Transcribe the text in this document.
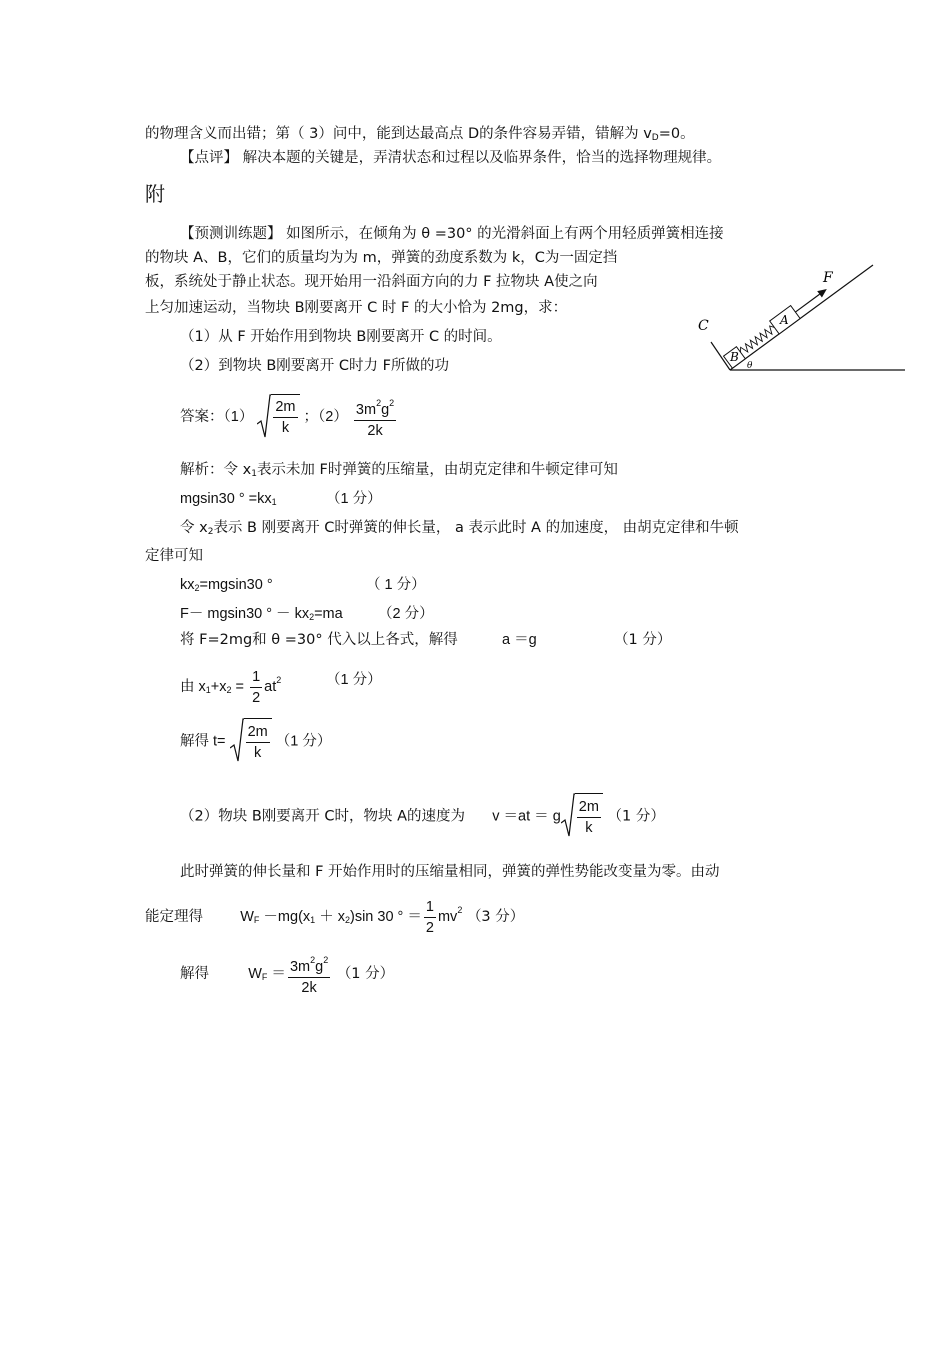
的物理含义而出错；第（ 3）问中，能到达最高点 D的条件容易弄错，错解为 $v_D=0$。
【点评】 解决本题的关键是，弄清状态和过程以及临界条件，恰当的选择物理规律。
附
【预测训练题】 如图所示，在倾角为 θ =30° 的光滑斜面上有两个用轻质弹簧相连接
的物块 A、B，它们的质量均为为 m，弹簧的劲度系数为 k，C为一固定挡
板，系统处于静止状态。现开始用一沿斜面方向的力 F 拉物块 A使之向
上匀加速运动，当物块 B刚要离开 C 时 F 的大小恰为 2mg，求：
（1）从 F 开始作用到物块 B刚要离开 C 的时间。
（2）到物块 B刚要离开 C时力 F所做的功
C
B
A
F
θ
答案：$(1) \frac{2m}{k}$ ；$(2) \frac{3m^2g^2}{2k}$
解析：令 $x_1$表示未加 F时弹簧的压缩量，由胡克定律和牛顿定律可知
mgsin30 ° $=kx_1$	（1 分）
令 $x_2$表示 B 刚要离开 C时弹簧的伸长量， a 表示此时 A 的加速度， 由胡克定律和牛顿
定律可知
$kx_2=mgsin30$ °	（ 1 分）
F－ mgsin30 ° － $kx_2=ma$ （2 分）
将 F=2mg和 θ =30° 代入以上各式，解得	a ＝g	（1 分）
由 $x_1+x_2 = \frac{1}{2} at^2$	（1 分）
解得 $t= \frac{2m}{k} (1$ 分）
（2）物块 B刚要离开 C时，物块 A的速度为 v ＝at ＝ g $\frac{2m}{k} (1$ 分）
此时弹簧的伸长量和 F 开始作用时的压缩量相同，弹簧的弹性势能改变量为零。由动
能定理得	$W_F -mg(x_1 + x_2)\sin$ 30 ° ＝ $\frac{1}{2} mv^2$ （3 分）
解得	$W_F = \frac{3m^2g^2}{2k} (1$ 分）
